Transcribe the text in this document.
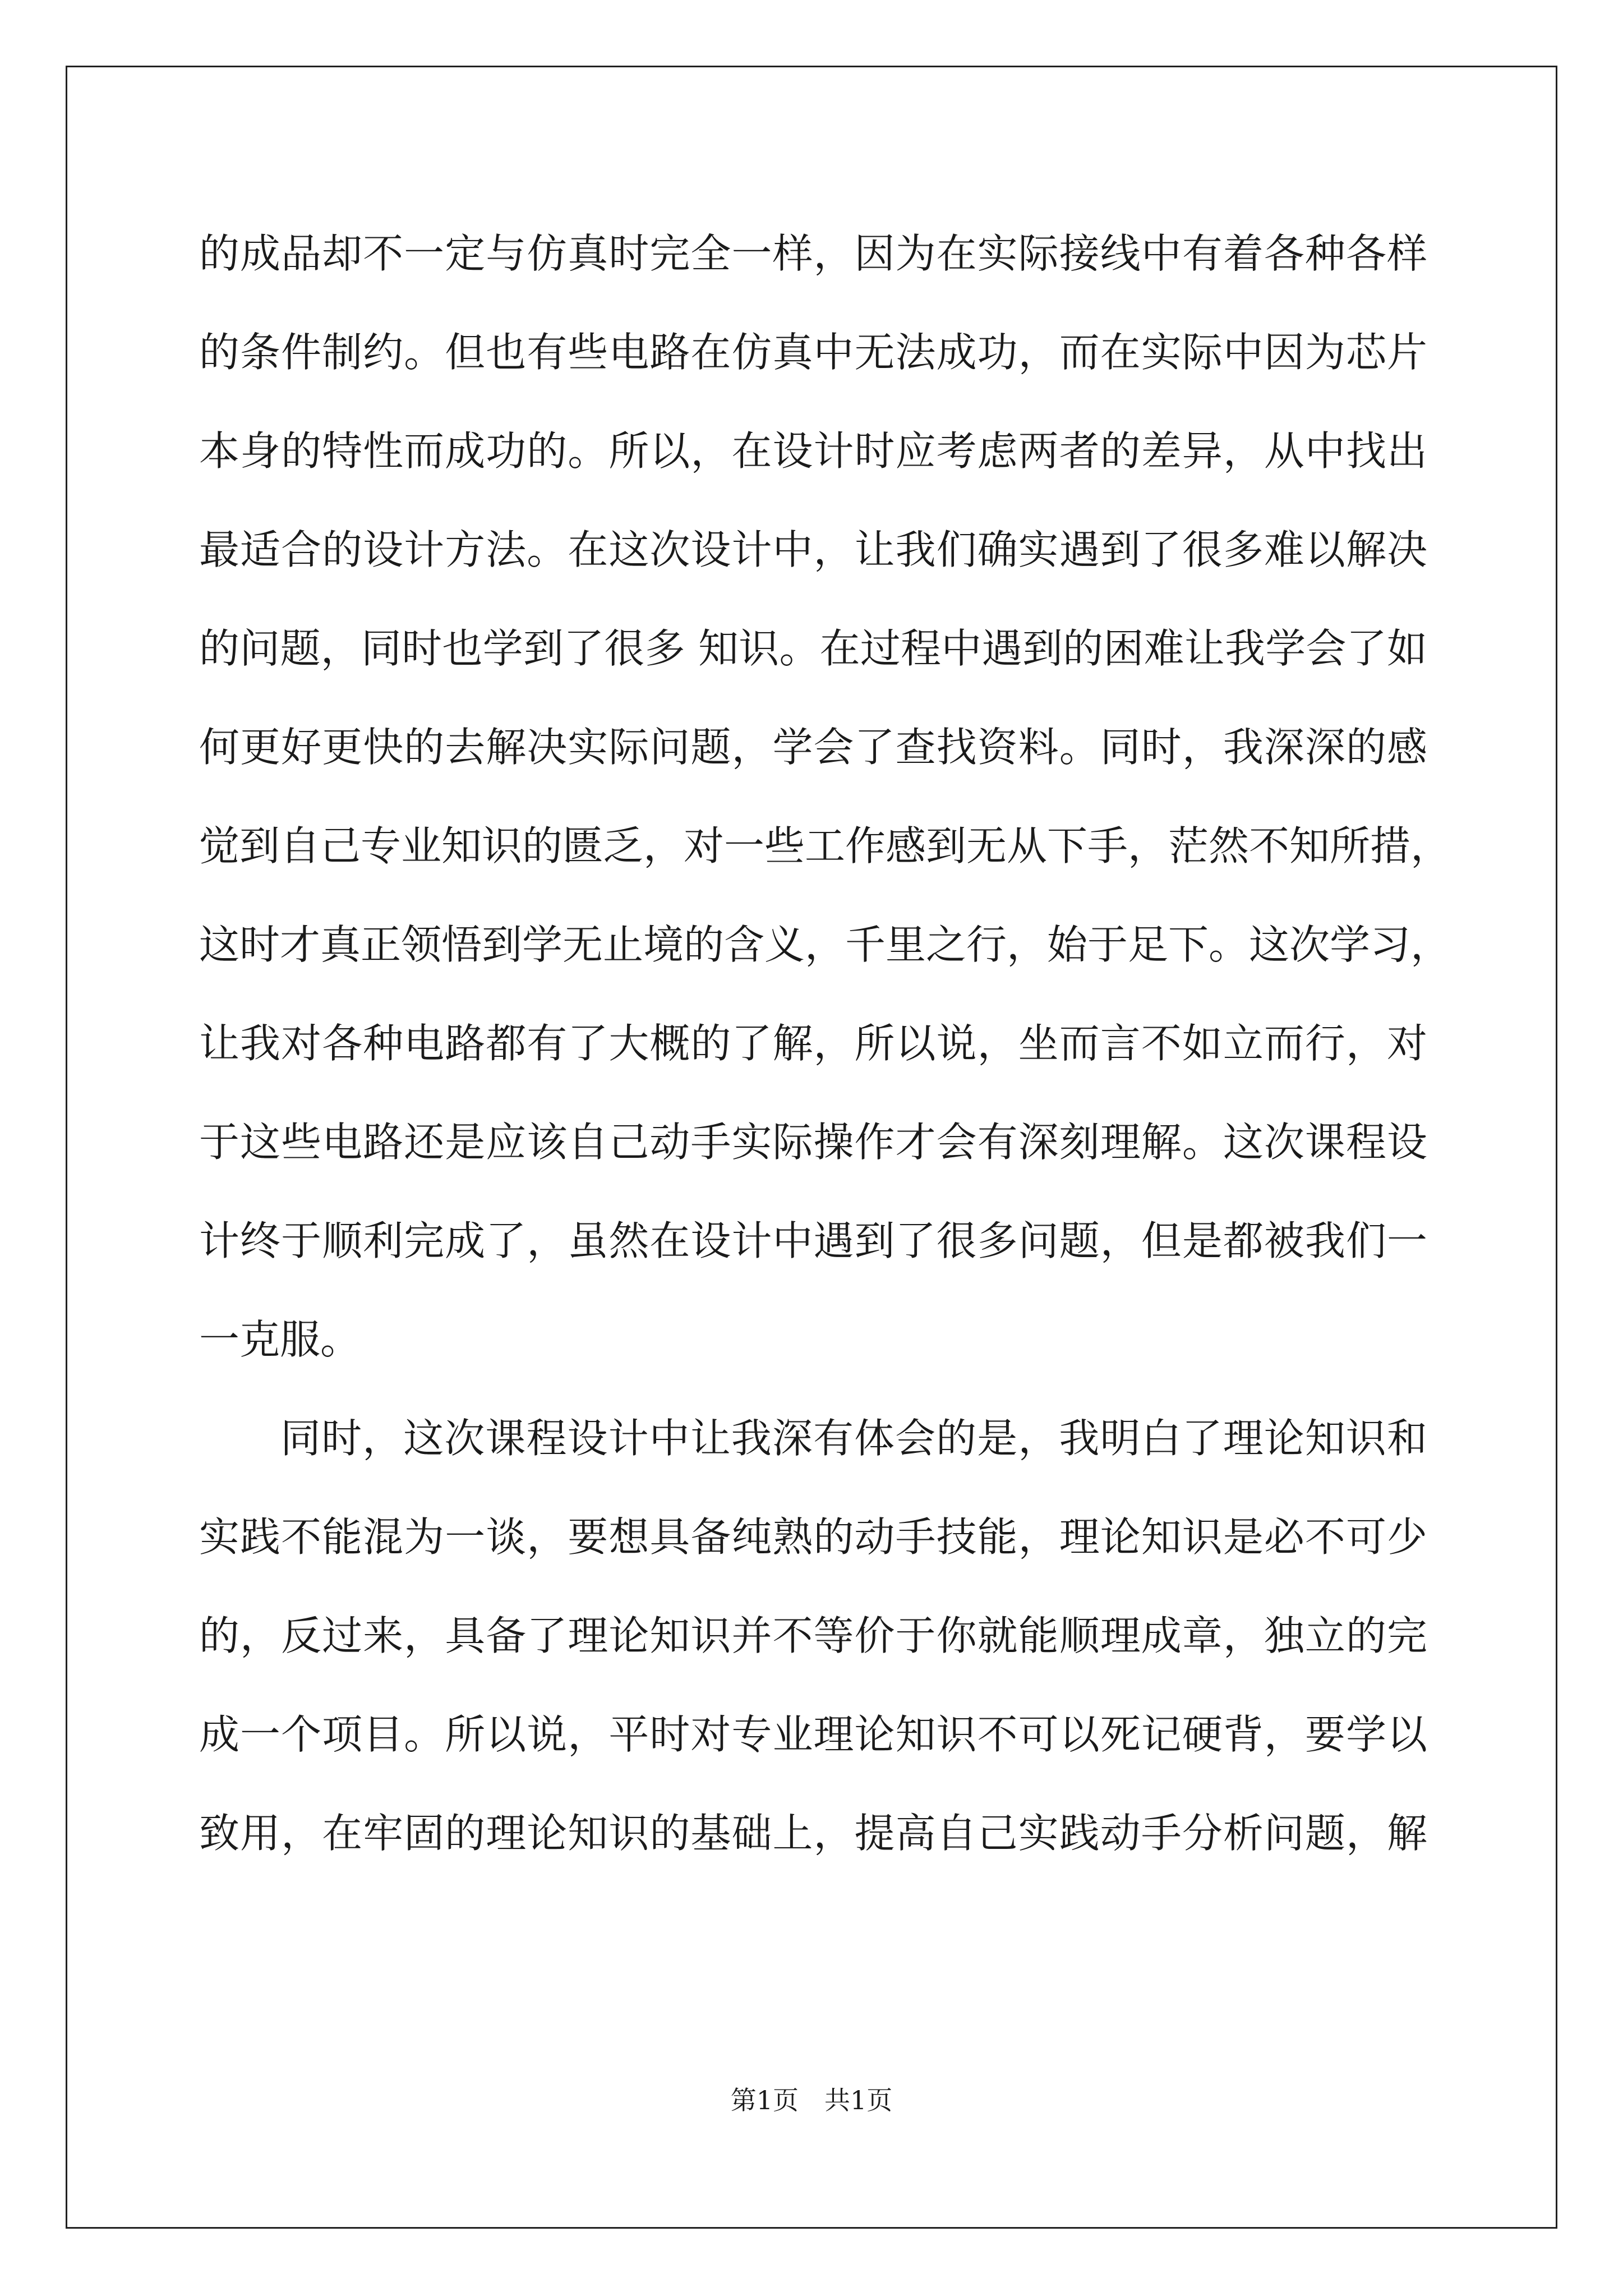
的成品却不一定与仿真时完全一样，因为在实际接线中有着各种各样
的条件制约。但也有些电路在仿真中无法成功，而在实际中因为芯片
本身的特性而成功的。所以，在设计时应考虑两者的差异，从中找出
最适合的设计方法。在这次设计中，让我们确实遇到了很多难以解决
的问题，同时也学到了很多 知识。在过程中遇到的困难让我学会了如
何更好更快的去解决实际问题，学会了查找资料。同时，我深深的感
觉到自己专业知识的匮乏，对一些工作感到无从下手，茫然不知所措，
这时才真正领悟到学无止境的含义，千里之行，始于足下。这次学习，
让我对各种电路都有了大概的了解，所以说，坐而言不如立而行，对
于这些电路还是应该自己动手实际操作才会有深刻理解。这次课程设
计终于顺利完成了，虽然在设计中遇到了很多问题，但是都被我们一
一克服。
同时，这次课程设计中让我深有体会的是，我明白了理论知识和
实践不能混为一谈，要想具备纯熟的动手技能，理论知识是必不可少
的，反过来，具备了理论知识并不等价于你就能顺理成章，独立的完
成一个项目。所以说，平时对专业理论知识不可以死记硬背，要学以
致用，在牢固的理论知识的基础上，提高自己实践动手分析问题，解
第1页　共1页
